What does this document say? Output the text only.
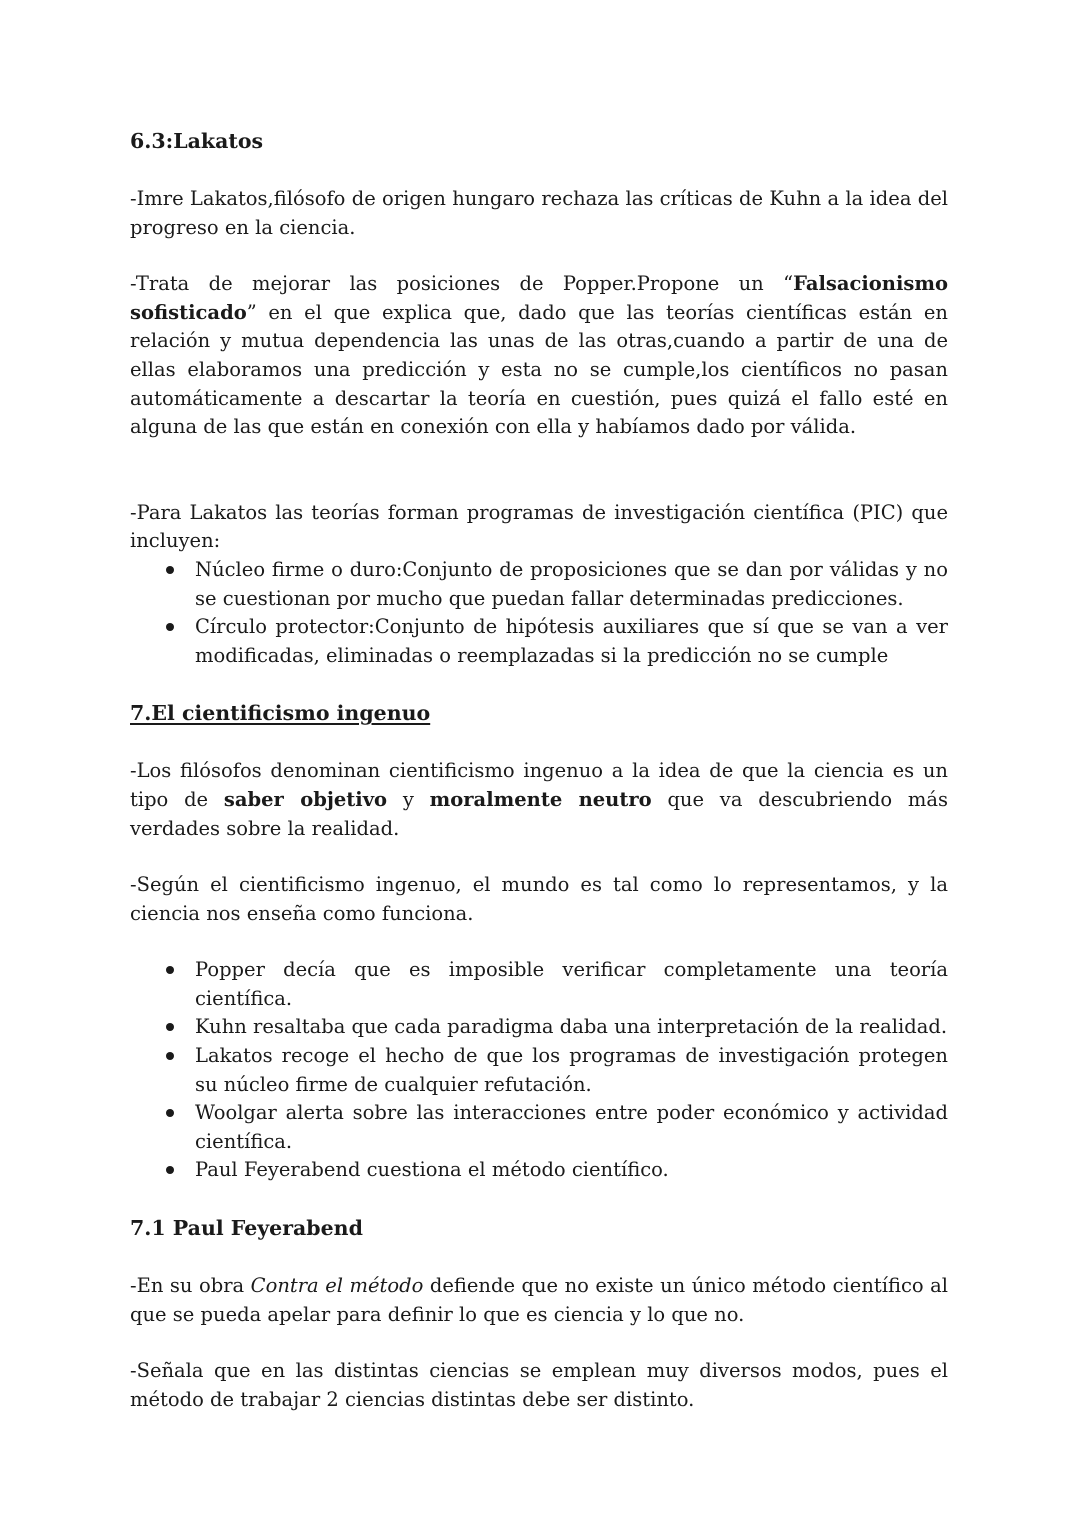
6.3:Lakatos

-Imre Lakatos,filósofo de origen hungaro rechaza las críticas de Kuhn a la idea del progreso en la ciencia.

-Trata de mejorar las posiciones de Popper.Propone un “Falsacionismo sofisticado” en el que explica que, dado que las teorías científicas están en relación y mutua dependencia las unas de las otras,cuando a partir de una de ellas elaboramos una predicción y esta no se cumple,los científicos no pasan automáticamente a descartar la teoría en cuestión, pues quizá el fallo esté en alguna de las que están en conexión con ella y habíamos dado por válida.

-Para Lakatos las teorías forman programas de investigación científica (PIC) que incluyen:

Núcleo firme o duro:Conjunto de proposiciones que se dan por válidas y no se cuestionan por mucho que puedan fallar determinadas predicciones.
Círculo protector:Conjunto de hipótesis auxiliares que sí que se van a ver modificadas, eliminadas o reemplazadas si la predicción no se cumple
7.El cientificismo ingenuo

-Los filósofos denominan cientificismo ingenuo a la idea de que la ciencia es un tipo de saber objetivo y moralmente neutro que va descubriendo más verdades sobre la realidad.

-Según el cientificismo ingenuo, el mundo es tal como lo representamos, y la ciencia nos enseña como funciona.

Popper decía que es imposible verificar completamente una teoría científica.
Kuhn resaltaba que cada paradigma daba una interpretación de la realidad.
Lakatos recoge el hecho de que los programas de investigación protegen su núcleo firme de cualquier refutación.
Woolgar alerta sobre las interacciones entre poder económico y actividad científica.
Paul Feyerabend cuestiona el método científico.
7.1 Paul Feyerabend

-En su obra Contra el método defiende que no existe un único método científico al que se pueda apelar para definir lo que es ciencia y lo que no.

-Señala que en las distintas ciencias se emplean muy diversos modos, pues el método de trabajar 2 ciencias distintas debe ser distinto.
